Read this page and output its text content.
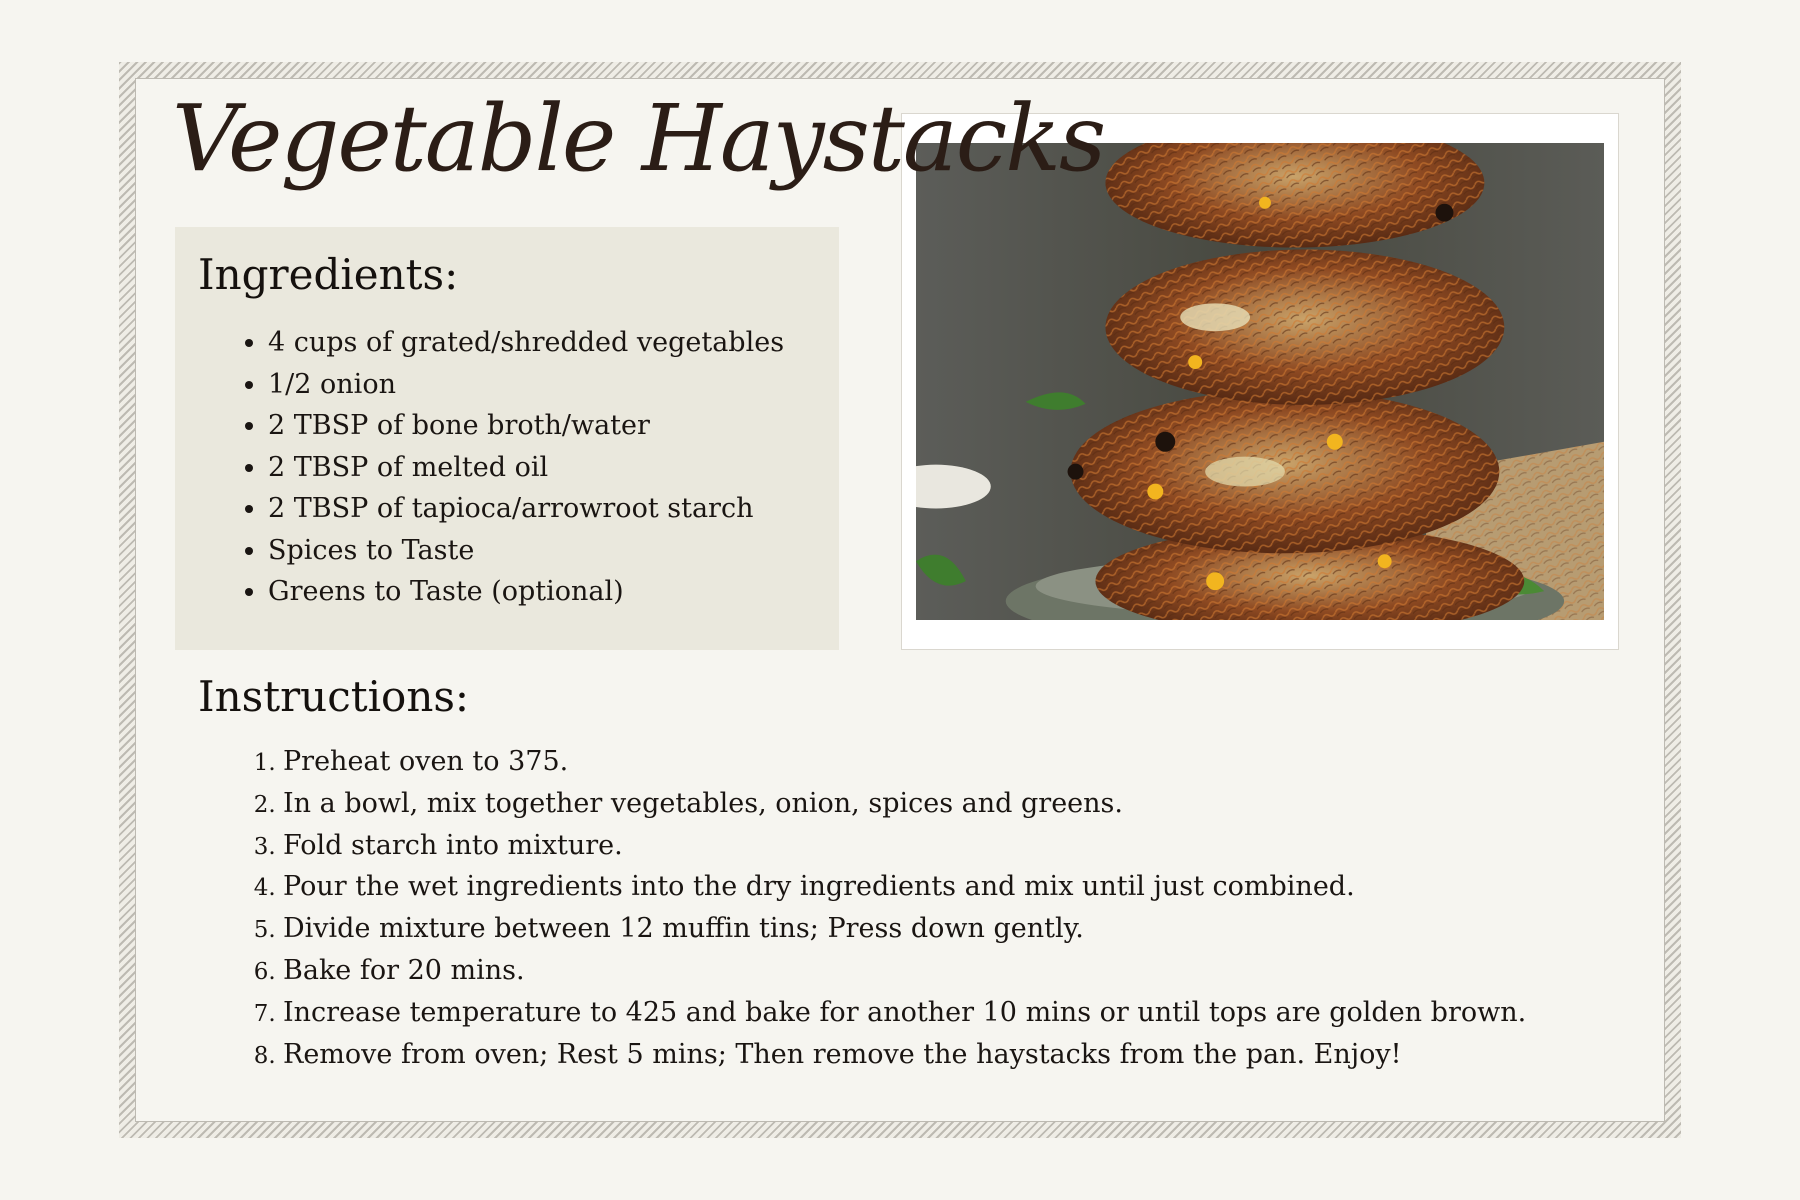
Vegetable Haystacks
Ingredients:
• 4 cups of grated/shredded vegetables
• 1/2 onion
• 2 TBSP of bone broth/water
• 2 TBSP of melted oil
• 2 TBSP of tapioca/arrowroot starch
• Spices to Taste
• Greens to Taste (optional)
Instructions:
1. Preheat oven to 375.
2. In a bowl, mix together vegetables, onion, spices and greens.
3. Fold starch into mixture.
4. Pour the wet ingredients into the dry ingredients and mix until just combined.
5. Divide mixture between 12 muffin tins; Press down gently.
6. Bake for 20 mins.
7. Increase temperature to 425 and bake for another 10 mins or until tops are golden brown.
8. Remove from oven; Rest 5 mins; Then remove the haystacks from the pan. Enjoy!
